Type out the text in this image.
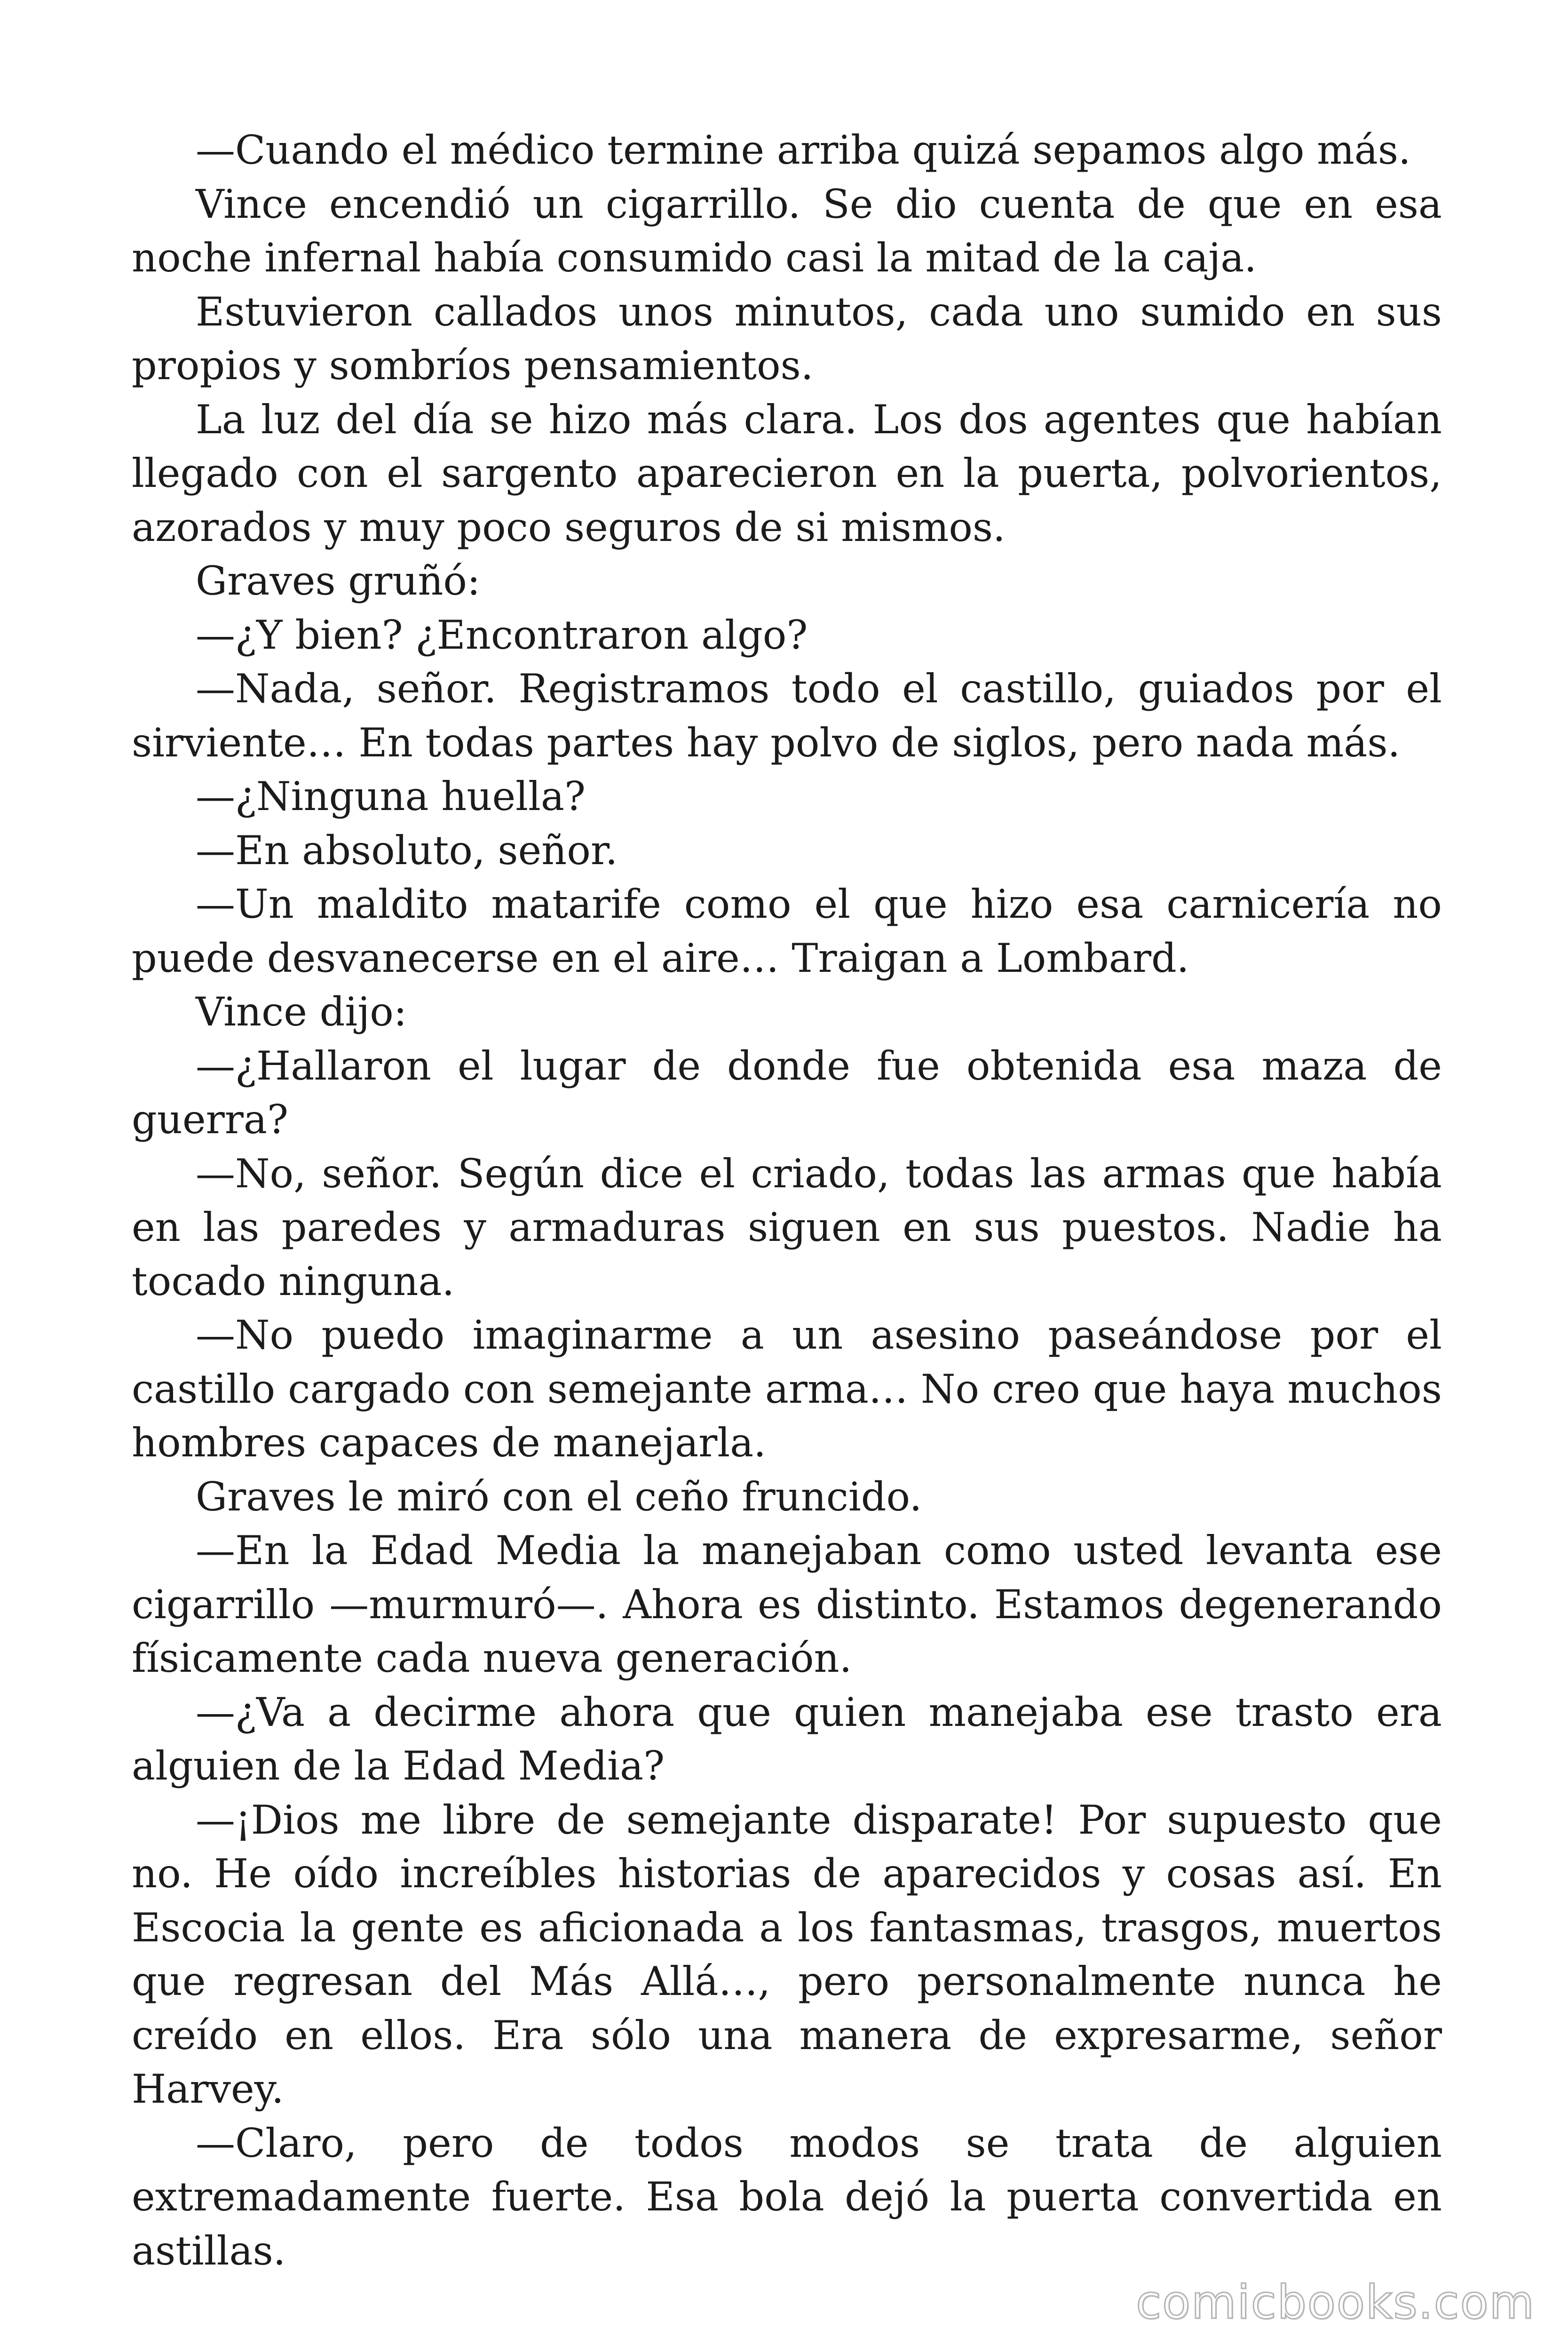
—Cuando el médico termine arriba quizá sepamos algo más.

Vince encendió un cigarrillo. Se dio cuenta de que en esa noche infernal había consumido casi la mitad de la caja.

Estuvieron callados unos minutos, cada uno sumido en sus propios y sombríos pensamientos.

La luz del día se hizo más clara. Los dos agentes que habían llegado con el sargento aparecieron en la puerta, polvorientos, azorados y muy poco seguros de si mismos.

Graves gruñó:

—¿Y bien? ¿Encontraron algo?

—Nada, señor. Registramos todo el castillo, guiados por el sirviente… En todas partes hay polvo de siglos, pero nada más.

—¿Ninguna huella?

—En absoluto, señor.

—Un maldito matarife como el que hizo esa carnicería no puede desvanecerse en el aire… Traigan a Lombard.

Vince dijo:

—¿Hallaron el lugar de donde fue obtenida esa maza de guerra?

—No, señor. Según dice el criado, todas las armas que había en las paredes y armaduras siguen en sus puestos. Nadie ha tocado ninguna.

—No puedo imaginarme a un asesino paseándose por el castillo cargado con semejante arma… No creo que haya muchos hombres capaces de manejarla.

Graves le miró con el ceño fruncido.

—En la Edad Media la manejaban como usted levanta ese cigarrillo —murmuró—. Ahora es distinto. Estamos degenerando físicamente cada nueva generación.

—¿Va a decirme ahora que quien manejaba ese trasto era alguien de la Edad Media?

—¡Dios me libre de semejante disparate! Por supuesto que no. He oído increíbles historias de aparecidos y cosas así. En Escocia la gente es aficionada a los fantasmas, trasgos, muertos que regresan del Más Allá…, pero personalmente nunca he creído en ellos. Era sólo una manera de expresarme, señor Harvey.

—Claro, pero de todos modos se trata de alguien extremadamente fuerte. Esa bola dejó la puerta convertida en astillas.

comicbooks.com
